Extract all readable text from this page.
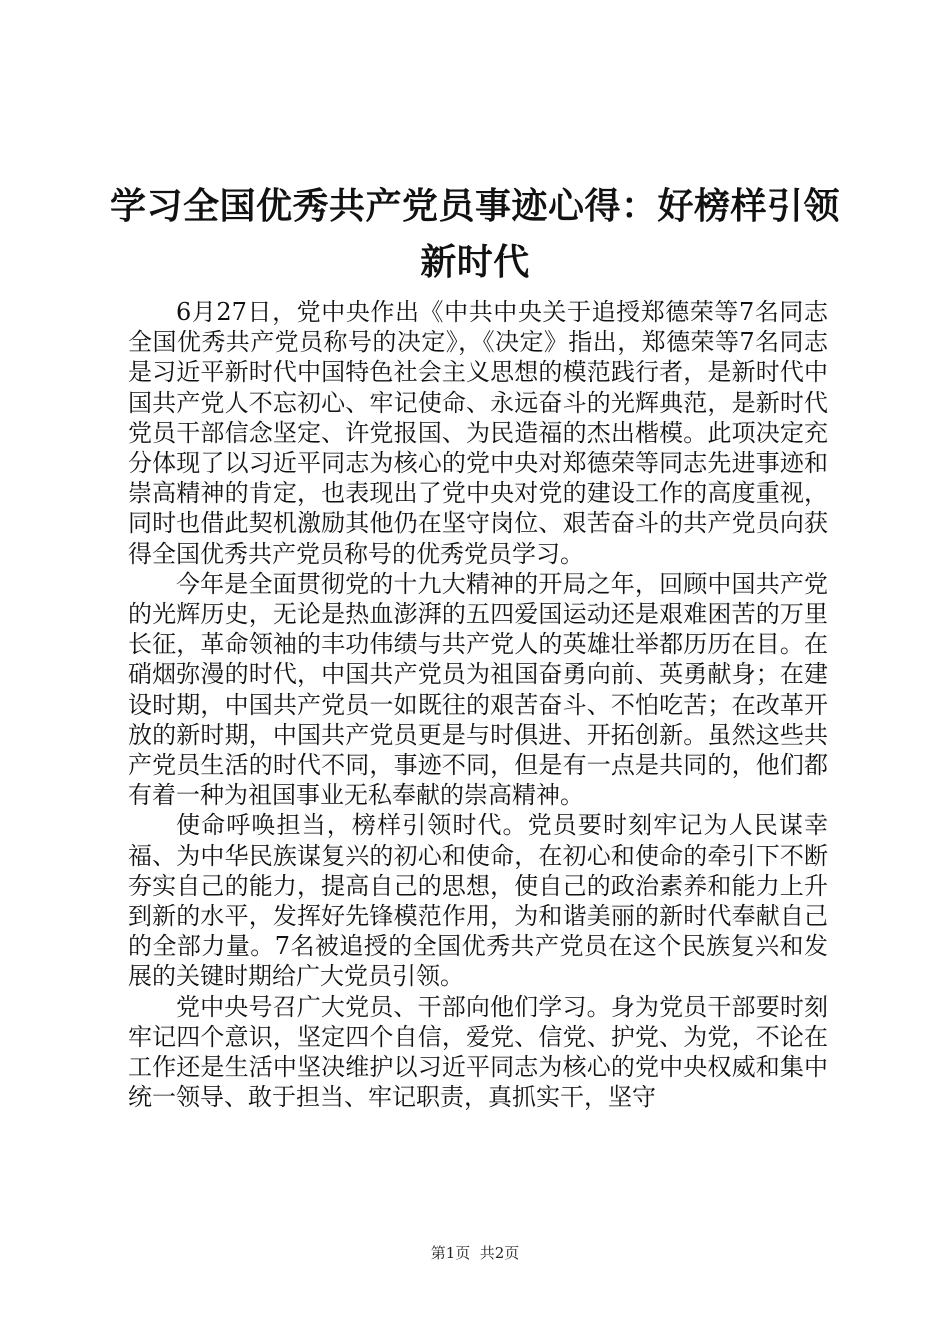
学习全国优秀共产党员事迹心得：好榜样引领
新时代

6月27日，党中央作出《中共中央关于追授郑德荣等7名同志全国优秀共产党员称号的决定》，《决定》指出，郑德荣等7名同志是习近平新时代中国特色社会主义思想的模范践行者，是新时代中国共产党人不忘初心、牢记使命、永远奋斗的光辉典范，是新时代党员干部信念坚定、许党报国、为民造福的杰出楷模。此项决定充分体现了以习近平同志为核心的党中央对郑德荣等同志先进事迹和崇高精神的肯定，也表现出了党中央对党的建设工作的高度重视，同时也借此契机激励其他仍在坚守岗位、艰苦奋斗的共产党员向获得全国优秀共产党员称号的优秀党员学习。

今年是全面贯彻党的十九大精神的开局之年，回顾中国共产党的光辉历史，无论是热血澎湃的五四爱国运动还是艰难困苦的万里长征，革命领袖的丰功伟绩与共产党人的英雄壮举都历历在目。在硝烟弥漫的时代，中国共产党员为祖国奋勇向前、英勇献身；在建设时期，中国共产党员一如既往的艰苦奋斗、不怕吃苦；在改革开放的新时期，中国共产党员更是与时俱进、开拓创新。虽然这些共产党员生活的时代不同，事迹不同，但是有一点是共同的，他们都有着一种为祖国事业无私奉献的崇高精神。

使命呼唤担当，榜样引领时代。党员要时刻牢记为人民谋幸福、为中华民族谋复兴的初心和使命，在初心和使命的牵引下不断夯实自己的能力，提高自己的思想，使自己的政治素养和能力上升到新的水平，发挥好先锋模范作用，为和谐美丽的新时代奉献自己的全部力量。7名被追授的全国优秀共产党员在这个民族复兴和发展的关键时期给广大党员引领。

党中央号召广大党员、干部向他们学习。身为党员干部要时刻牢记四个意识，坚定四个自信，爱党、信党、护党、为党，不论在工作还是生活中坚决维护以习近平同志为核心的党中央权威和集中统一领导、敢于担当、牢记职责，真抓实干，坚守

第1页  共2页
